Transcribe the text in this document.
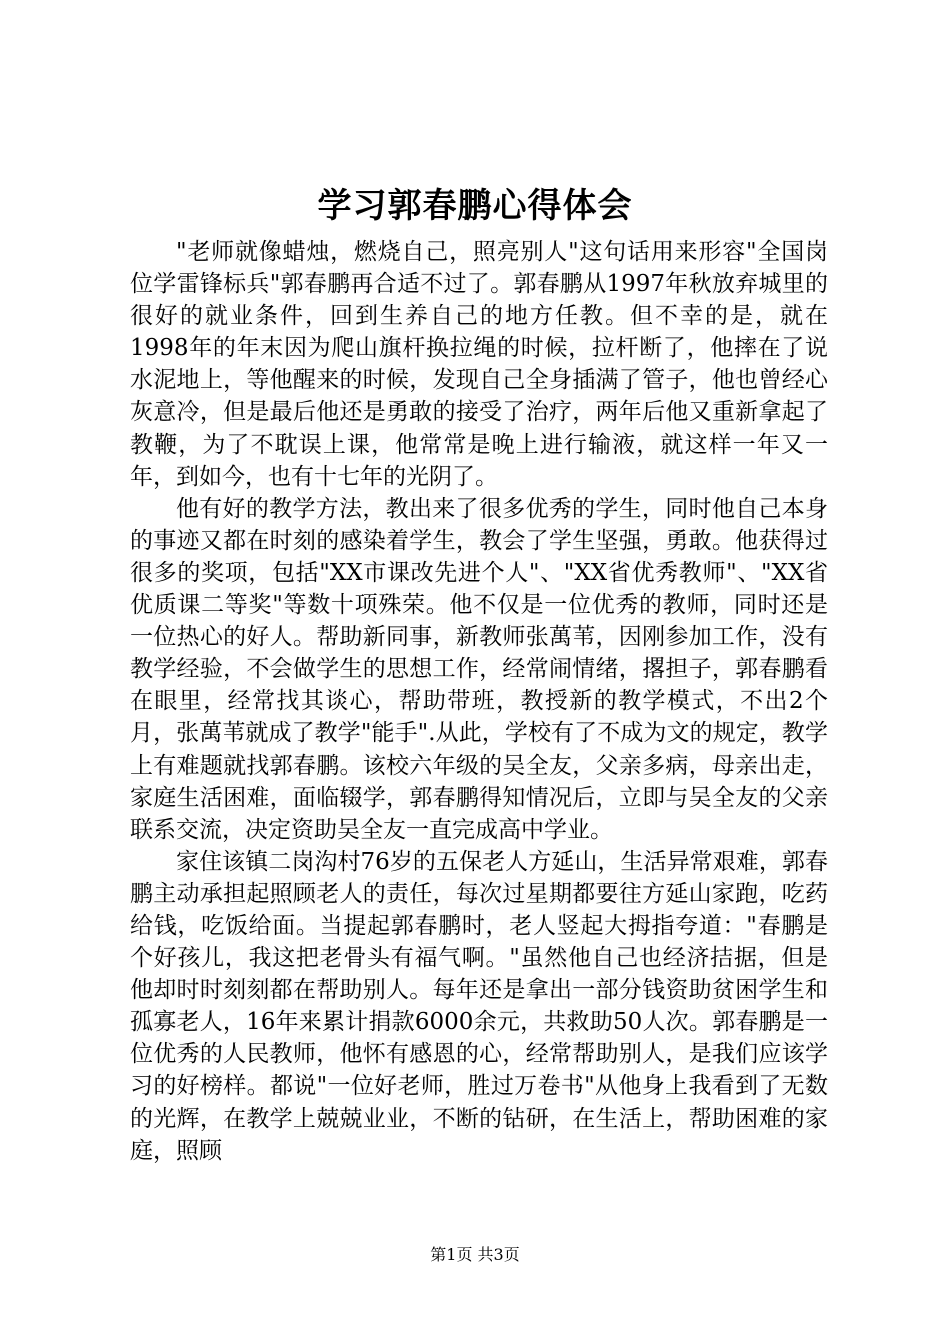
学习郭春鹏心得体会

"老师就像蜡烛，燃烧自己，照亮别人"这句话用来形容"全国岗位学雷锋标兵"郭春鹏再合适不过了。郭春鹏从1997年秋放弃城里的很好的就业条件，回到生养自己的地方任教。但不幸的是，就在1998年的年末因为爬山旗杆换拉绳的时候，拉杆断了，他摔在了说水泥地上，等他醒来的时候，发现自己全身插满了管子，他也曾经心灰意冷，但是最后他还是勇敢的接受了治疗，两年后他又重新拿起了教鞭，为了不耽误上课，他常常是晚上进行输液，就这样一年又一年，到如今，也有十七年的光阴了。

他有好的教学方法，教出来了很多优秀的学生，同时他自己本身的事迹又都在时刻的感染着学生，教会了学生坚强，勇敢。他获得过很多的奖项，包括"XX市课改先进个人"、"XX省优秀教师"、"XX省优质课二等奖"等数十项殊荣。他不仅是一位优秀的教师，同时还是一位热心的好人。帮助新同事，新教师张萬苇，因刚参加工作，没有教学经验，不会做学生的思想工作，经常闹情绪，撂担子，郭春鹏看在眼里，经常找其谈心，帮助带班，教授新的教学模式，不出2个月，张萬苇就成了教学"能手".从此，学校有了不成为文的规定，教学上有难题就找郭春鹏。该校六年级的吴全友，父亲多病，母亲出走，家庭生活困难，面临辍学，郭春鹏得知情况后，立即与吴全友的父亲联系交流，决定资助吴全友一直完成高中学业。

家住该镇二岗沟村76岁的五保老人方延山，生活异常艰难，郭春鹏主动承担起照顾老人的责任，每次过星期都要往方延山家跑，吃药给钱，吃饭给面。当提起郭春鹏时，老人竖起大拇指夸道："春鹏是个好孩儿，我这把老骨头有福气啊。"虽然他自己也经济拮据，但是他却时时刻刻都在帮助别人。每年还是拿出一部分钱资助贫困学生和孤寡老人，16年来累计捐款6000余元，共救助50人次。郭春鹏是一位优秀的人民教师，他怀有感恩的心，经常帮助别人，是我们应该学习的好榜样。都说"一位好老师，胜过万卷书"从他身上我看到了无数的光辉，在教学上兢兢业业，不断的钻研，在生活上，帮助困难的家庭，照顾

第1页 共3页
